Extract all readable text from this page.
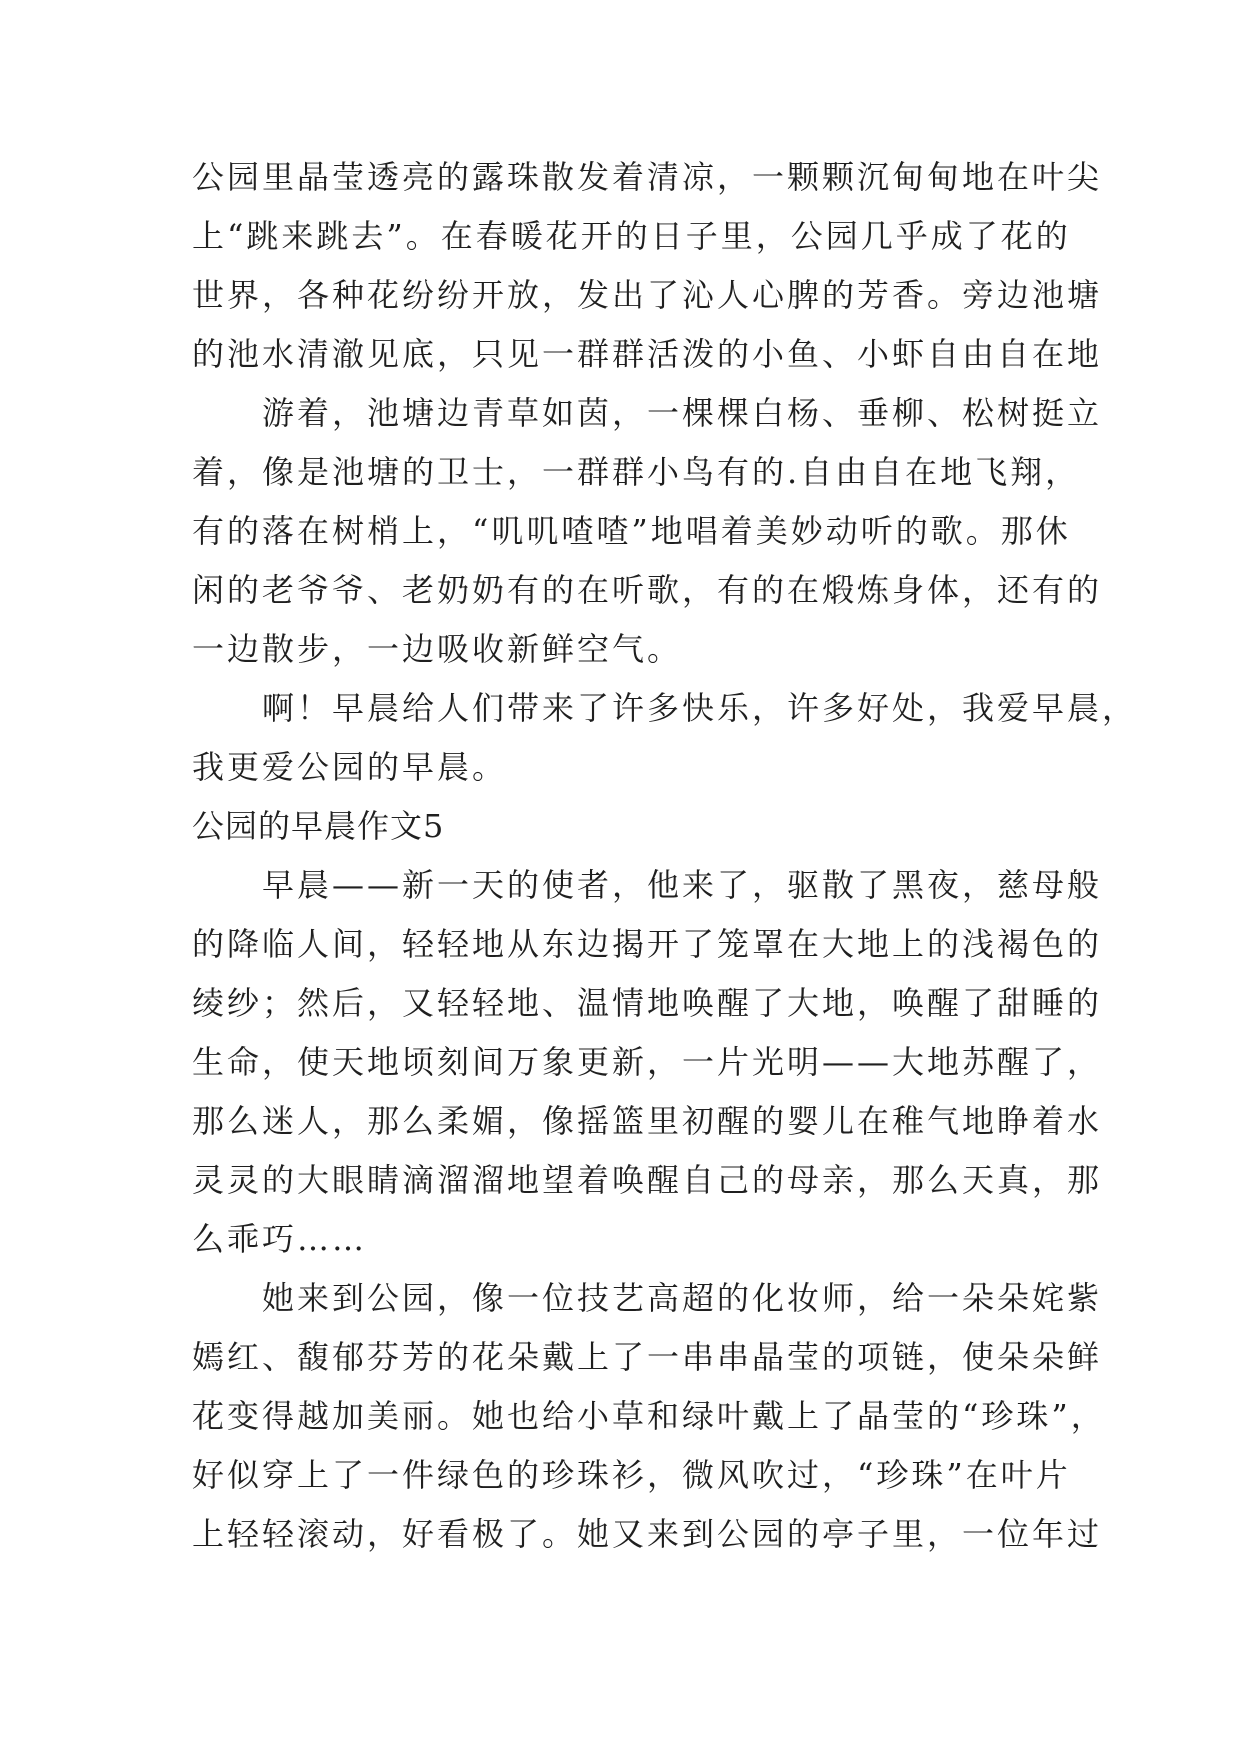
公园里晶莹透亮的露珠散发着清凉，一颗颗沉甸甸地在叶尖
上“跳来跳去”。在春暖花开的日子里，公园几乎成了花的
世界，各种花纷纷开放，发出了沁人心脾的芳香。旁边池塘
的池水清澈见底，只见一群群活泼的小鱼、小虾自由自在地
游着，池塘边青草如茵，一棵棵白杨、垂柳、松树挺立
着，像是池塘的卫士，一群群小鸟有的.自由自在地飞翔，
有的落在树梢上，“叽叽喳喳”地唱着美妙动听的歌。那休
闲的老爷爷、老奶奶有的在听歌，有的在煅炼身体，还有的
一边散步，一边吸收新鲜空气。
啊！早晨给人们带来了许多快乐，许多好处，我爱早晨，
我更爱公园的早晨。
公园的早晨作文5
早晨——新一天的使者，他来了，驱散了黑夜，慈母般
的降临人间，轻轻地从东边揭开了笼罩在大地上的浅褐色的
绫纱；然后，又轻轻地、温情地唤醒了大地，唤醒了甜睡的
生命，使天地顷刻间万象更新，一片光明——大地苏醒了，
那么迷人，那么柔媚，像摇篮里初醒的婴儿在稚气地睁着水
灵灵的大眼睛滴溜溜地望着唤醒自己的母亲，那么天真，那
么乖巧……
她来到公园，像一位技艺高超的化妆师，给一朵朵姹紫
嫣红、馥郁芬芳的花朵戴上了一串串晶莹的项链，使朵朵鲜
花变得越加美丽。她也给小草和绿叶戴上了晶莹的“珍珠”，
好似穿上了一件绿色的珍珠衫，微风吹过，“珍珠”在叶片
上轻轻滚动，好看极了。她又来到公园的亭子里，一位年过
